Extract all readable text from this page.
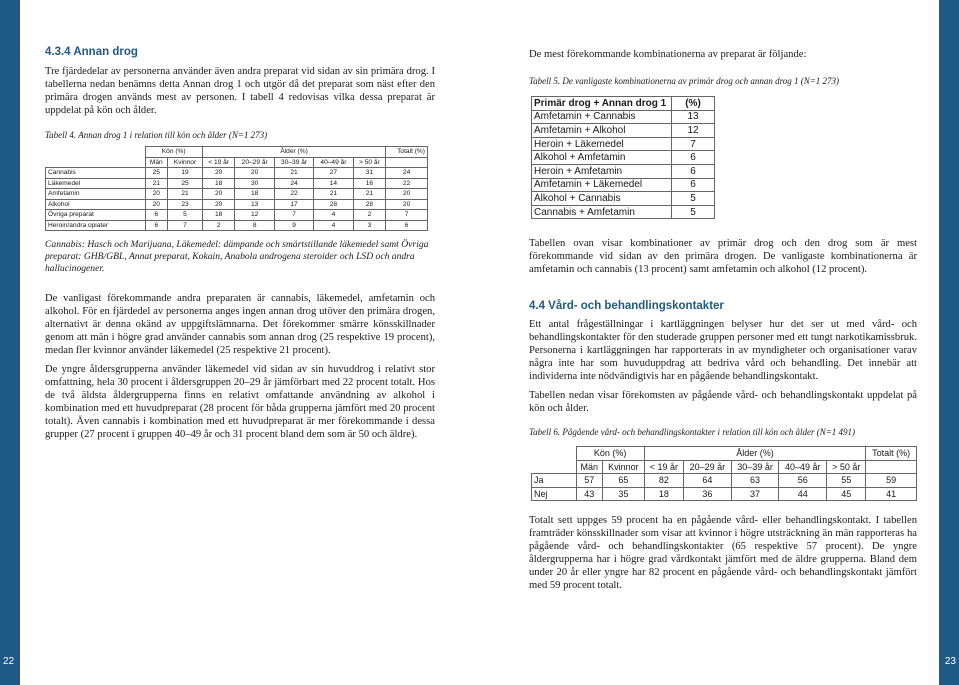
22	23
4.3.4 Annan drog

Tre fjärdedelar av personerna använder även andra preparat vid sidan av sin primära drog. I tabellerna nedan benämns detta Annan drog 1 och utgör då det preparat som näst efter den primära drogen används mest av personen. I tabell 4 redovisas vilka dessa preparat är uppdelat på kön och ålder.

Tabell 4. Annan drog 1 i relation till kön och ålder (N=1 273)

	Kön (%)		Ålder (%)					Totalt (%)
	Män	Kvinnor	< 19 år	20–29 år	30–39 år	40–49 år	> 50 år	
Cannabis	25	19	20	20	21	27	31	24
Läkemedel	21	25	18	30	24	14	16	22
Amfetamin	20	21	20	18	22	21	21	20
Alkohol	20	23	20	13	17	28	28	20
Övriga preparat	6	5	18	12	7	4	2	7
Heroin/andra opiater	6	7	2	8	9	4	3	6

Cannabis: Hasch och Marijuana, Läkemedel: dämpande och smärtstillande läkemedel samt Övriga preparat: GHB/GBL, Annat preparat, Kokain, Anabola androgena steroider och LSD och andra hallucinogener.

De vanligast förekommande andra preparaten är cannabis, läkemedel, amfetamin och alkohol. För en fjärdedel av personerna anges ingen annan drog utöver den primära drogen, alternativt är denna okänd av uppgiftslämnarna. Det förekommer smärre könsskillnader genom att män i högre grad använder cannabis som annan drog (25 respektive 19 procent), medan fler kvinnor använder läkemedel (25 respektive 21 procent).

De yngre åldersgrupperna använder läkemedel vid sidan av sin huvuddrog i relativt stor omfattning, hela 30 procent i åldersgruppen 20–29 år jämförbart med 22 procent totalt. Hos de två äldsta åldergrupperna finns en relativt omfattande användning av alkohol i kombination med ett huvudpreparat (28 procent för båda grupperna jämfört med 20 procent totalt). Även cannabis i kombination med ett huvudpreparat är mer förekommande i dessa grupper (27 procent i gruppen 40–49 år och 31 procent bland dem som är 50 och äldre).

De mest förekommande kombinationerna av preparat är följande:

Tabell 5. De vanligaste kombinationerna av primär drog och annan drog 1 (N=1 273)

Primär drog + Annan drog 1	(%)
Amfetamin + Cannabis	13
Amfetamin + Alkohol	12
Heroin + Läkemedel	7
Alkohol + Amfetamin	6
Heroin + Amfetamin	6
Amfetamin + Läkemedel	6
Alkohol + Cannabis	5
Cannabis + Amfetamin	5

Tabellen ovan visar kombinationer av primär drog och den drog som är mest förekommande vid sidan av den primära drogen. De vanligaste kombinationerna är amfetamin och cannabis (13 procent) samt amfetamin och alkohol (12 procent).

4.4 Vård- och behandlingskontakter

Ett antal frågeställningar i kartläggningen belyser hur det ser ut med vård- och behandlingskontakter för den studerade gruppen personer med ett tungt narkotikamissbruk. Personerna i kartläggningen har rapporterats in av myndigheter och organisationer varav några inte har som huvuduppdrag att bedriva vård och behandling. Det innebär att individerna inte nödvändigtvis har en pågående behandlingskontakt.

Tabellen nedan visar förekomsten av pågående vård- och behandlingskontakt uppdelat på kön och ålder.

Tabell 6. Pågående vård- och behandlingskontakter i relation till kön och ålder (N=1 491)

	Kön (%)		Ålder (%)					Totalt (%)
	Män	Kvinnor	< 19 år	20–29 år	30–39 år	40–49 år	> 50 år	
Ja	57	65	82	64	63	56	55	59
Nej	43	35	18	36	37	44	45	41

Totalt sett uppges 59 procent ha en pågående vård- eller behandlingskontakt. I tabellen framträder könsskillnader som visar att kvinnor i högre utsträckning än män rapporteras ha pågående vård- och behandlingskontakter (65 respektive 57 procent). De yngre åldergrupperna har i högre grad vårdkontakt jämfört med de äldre grupperna. Bland dem under 20 år eller yngre har 82 procent en pågående vård- och behandlingskontakt jämfört med 59 procent totalt.
